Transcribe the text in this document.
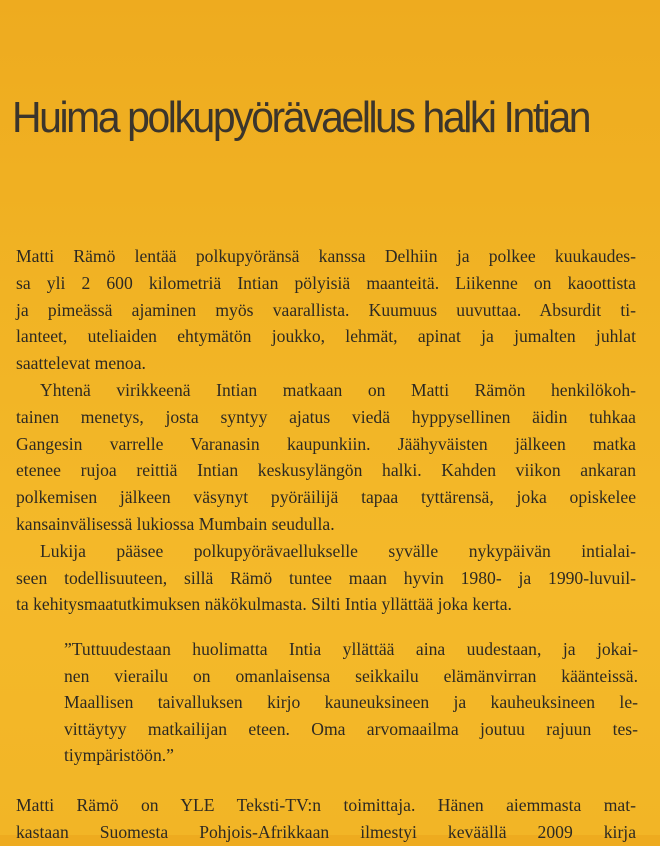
Huima polkupyörävaellus halki Intian
Matti Rämö lentää polkupyöränsä kanssa Delhiin ja polkee kuukaudes-
sa yli 2 600 kilometriä Intian pölyisiä maanteitä. Liikenne on kaoottista
ja pimeässä ajaminen myös vaarallista. Kuumuus uuvuttaa. Absurdit ti-
lanteet, uteliaiden ehtymätön joukko, lehmät, apinat ja jumalten juhlat
saattelevat menoa.
Yhtenä virikkeenä Intian matkaan on Matti Rämön henkilökoh-
tainen menetys, josta syntyy ajatus viedä hyppysellinen äidin tuhkaa
Gangesin varrelle Varanasin kaupunkiin. Jäähyväisten jälkeen matka
etenee rujoa reittiä Intian keskusylängön halki. Kahden viikon ankaran
polkemisen jälkeen väsynyt pyöräilijä tapaa tyttärensä, joka opiskelee
kansainvälisessä lukiossa Mumbain seudulla.
Lukija pääsee polkupyörävaellukselle syvälle nykypäivän intialai-
seen todellisuuteen, sillä Rämö tuntee maan hyvin 1980- ja 1990-luvuil-
ta kehitysmaatutkimuksen näkökulmasta. Silti Intia yllättää joka kerta.
”Tuttuudestaan huolimatta Intia yllättää aina uudestaan, ja jokai-
nen vierailu on omanlaisensa seikkailu elämänvirran käänteissä.
Maallisen taivalluksen kirjo kauneuksineen ja kauheuksineen le-
vittäytyy matkailijan eteen. Oma arvomaailma joutuu rajuun tes-
tiympäristöön.”
Matti Rämö on YLE Teksti-TV:n toimittaja. Hänen aiemmasta mat-
kastaan Suomesta Pohjois-Afrikkaan ilmestyi keväällä 2009 kirja
